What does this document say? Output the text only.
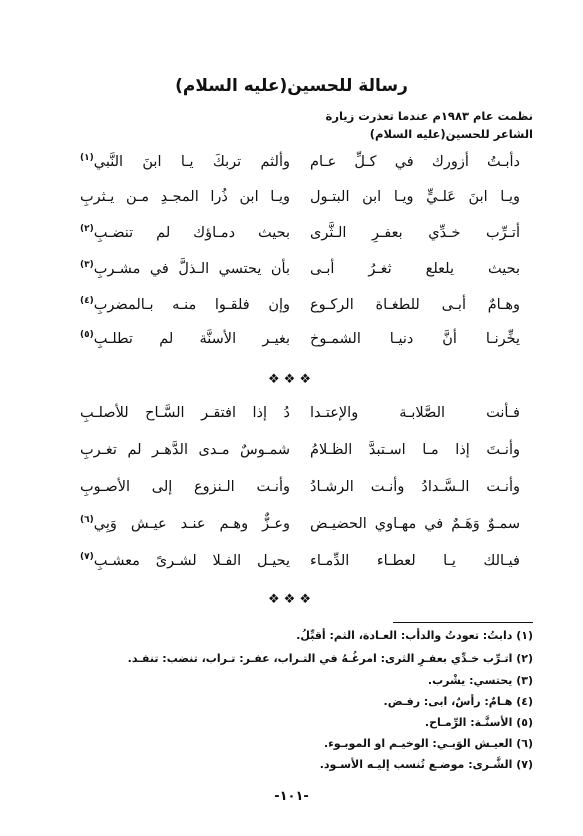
رسالة للحسين(عليه السلام)
نظمت عام ١٩٨٣م عندما تعذرت زيارة
الشاعر للحسين(عليه السلام)
دأبـتُ أزورك في كـلِّ عـام
وألثم تربكَ يـا ابنَ النَّبي$^{(١)}$
ويـا ابنَ عَلـيٍّ ويـا ابن البتـول
ويـا ابن ذُرا المجـدِ مـن يـثربِ
أتـرِّب خـدِّي بعفـرِ الـثَّرى
بحيث دمـاؤك لم تنضـبِ$^{(٢)}$
بحيث يلعلع ثغـرُ أبـى
بأن يحتسي الـذلَّ في مشـربِ$^{(٣)}$
وهـامٌ أبـى للطغـاة الركـوع
وإن فلقـوا منـه بـالمضربِ$^{(٤)}$
يخِّرنـا أنَّ دنيـا الشمـوخ
بغيـر الأسنَّة لم تطلـبِ$^{(٥)}$
❖❖❖
فـأنت الصَّلابـة والإعتـدا
دُ إذا افتقـر السَّـاح للأصلـبِ
وأنـتَ إذا مـا اسـتبدَّ الظـلامُ
شمـوسٌ مـدى الدَّهـر لم تغـربِ
وأنـت الـسَّـدادُ وأنـت الرشـادُ
وأنـت الـنزوع إلى الأصـوبِ
سمـوٌ وَهَـمٌ في مهـاوي الحضيـض
وعـزٌّ وهـم عنـد عيـش وَبِي$^{(٦)}$
فيـالك يـا لعطـاء الدِّمـاء
يحيـل الفـلا لشـرىً معشـبِ$^{(٧)}$
❖❖❖
(١) دابتُ: تعودتُ والدأب: العـادة، الثم: أقبِّلُ.
(٢) اتـرِّب خـدِّي بعفـرِ الثرى: امرغُـهُ في التـراب، عفـر: تـراب، تنضب: تنفـد.
(٣) يحتسي: يشْرب.
(٤) هـامٌ: رأسٌ، ابى: رفـض.
(٥) الأسنَّـة: الرِّمـاح.
(٦) العيـش الوَبـي: الوخيـم او الموبـوء.
(٧) الشَّـرى: موضـع تُنسب إليـه الأسـود.
-١٠١-
